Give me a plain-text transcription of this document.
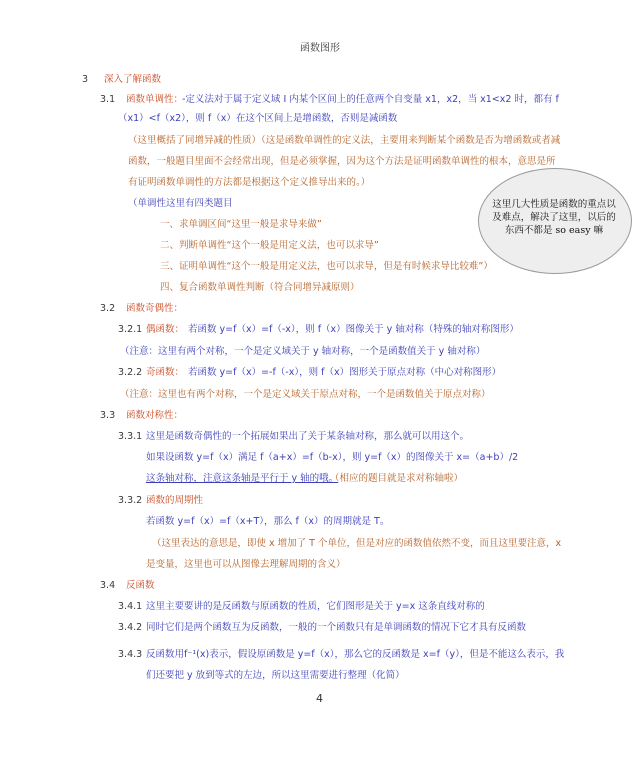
函数图形
3 深入了解函数
3.1 函数单调性：
-定义法对于属于定义域 I 内某个区间上的任意两个自变量 x1，x2，当 x1<x2 时，都有 f
（x1）<f（x2），则 f（x）在这个区间上是增函数，否则是减函数
（这里概括了同增异减的性质）（这是函数单调性的定义法，主要用来判断某个函数是否为增函数或者减
函数，一般题目里面不会经常出现，但是必须掌握，因为这个方法是证明函数单调性的根本，意思是所
有证明函数单调性的方法都是根据这个定义推导出来的。）
（单调性这里有四类题目
一、求单调区间“这里一般是求导来做”
二、判断单调性“这个一般是用定义法，也可以求导”
三、证明单调性“这个一般是用定义法，也可以求导，但是有时候求导比较难”）
四、复合函数单调性判断（符合同增异减原则）
这里几大性质是函数的重点以及难点，解决了这里，以后的东西不都是 so easy 嘛
3.2 函数奇偶性：
3.2.1 偶函数： 若函数 y=f（x）=f（-x），则 f（x）图像关于 y 轴对称（特殊的轴对称图形）
（注意：这里有两个对称，一个是定义域关于 y 轴对称，一个是函数值关于 y 轴对称）
3.2.2 奇函数： 若函数 y=f（x）=-f（-x），则 f（x）图形关于原点对称（中心对称图形）
（注意：这里也有两个对称，一个是定义域关于原点对称，一个是函数值关于原点对称）
3.3 函数对称性：
3.3.1 这里是函数奇偶性的一个拓展如果出了关于某条轴对称，那么就可以用这个。
如果设函数 y=f（x）满足 f（a+x）=f（b-x），则 y=f（x）的图像关于 x=（a+b）/2
这条轴对称，注意这条轴是平行于 y 轴的哦。
（相应的题目就是求对称轴啦）
3.3.2 函数的周期性
若函数 y=f（x）=f（x+T），那么 f（x）的周期就是 T。
（这里表达的意思是，即使 x 增加了 T 个单位，但是对应的函数值依然不变，而且这里要注意，x
是变量，这里也可以从图像去理解周期的含义）
3.4 反函数
3.4.1 这里主要要讲的是反函数与原函数的性质，它们图形是关于 y=x 这条直线对称的
3.4.2 同时它们是两个函数互为反函数，一般的一个函数只有是单调函数的情况下它才具有反函数
3.4.3 反函数用f⁻¹(x)表示，假设原函数是 y=f（x），那么它的反函数是 x=f（y），但是不能这么表示，我
们还要把 y 放到等式的左边，所以这里需要进行整理（化简）
4
